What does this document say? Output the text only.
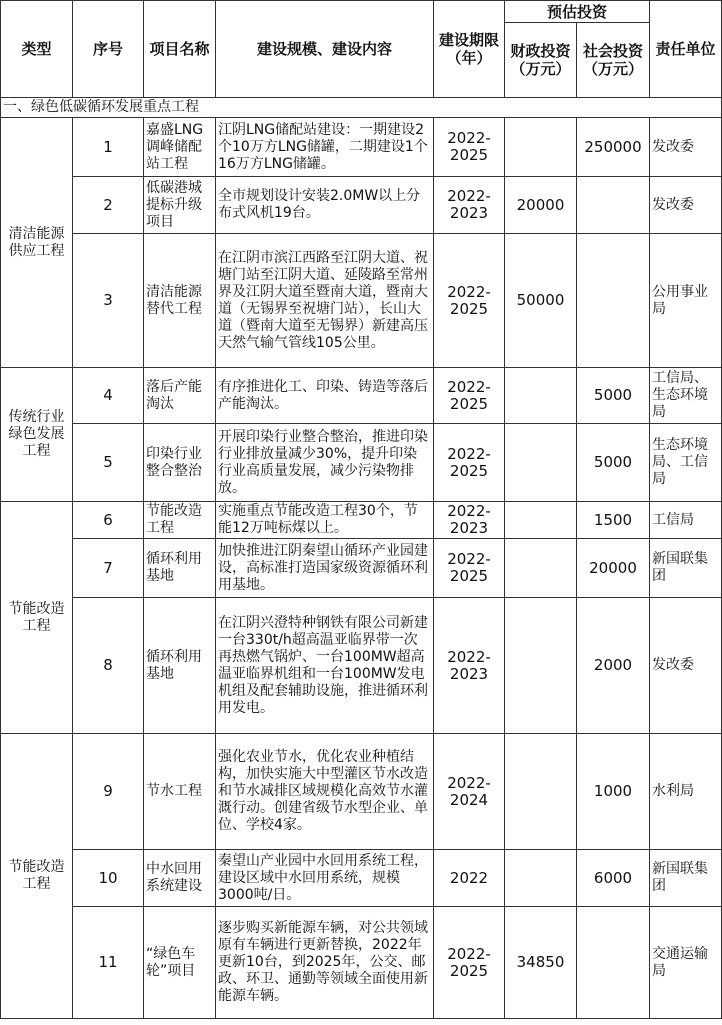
类型	序号	项目名称	建设规模、建设内容	建设期限（年）	预估投资		责任单位
					财政投资（万元）	社会投资（万元）	
一、绿色低碳循环发展重点工程							
清洁能源供应工程	1	嘉盛LNG调峰储配站工程	江阴LNG储配站建设：一期建设2个10万方LNG储罐，二期建设1个16万方LNG储罐。	2022-2025		250000	发改委
	2	低碳港城提标升级项目	全市规划设计安装2.0MW以上分布式风机19台。	2022-2023	20000		发改委
	3	清洁能源替代工程	在江阴市滨江西路至江阴大道、祝塘门站至江阴大道、延陵路至常州界及江阴大道至暨南大道，暨南大道（无锡界至祝塘门站），长山大道（暨南大道至无锡界）新建高压天然气输气管线105公里。	2022-2025	50000		公用事业局
传统行业绿色发展工程	4	落后产能淘汰	有序推进化工、印染、铸造等落后产能淘汰。	2022-2025		5000	工信局、生态环境局
	5	印染行业整合整治	开展印染行业整合整治，推进印染行业排放量减少30%，提升印染行业高质量发展，减少污染物排放。	2022-2025		5000	生态环境局、工信局
节能改造工程	6	节能改造工程	实施重点节能改造工程30个，节能12万吨标煤以上。	2022-2023		1500	工信局
	7	循环利用基地	加快推进江阴秦望山循环产业园建设，高标准打造国家级资源循环利用基地。	2022-2025		20000	新国联集团
	8	循环利用基地	在江阴兴澄特种钢铁有限公司新建一台330t/h超高温亚临界带一次再热燃气锅炉、一台100MW超高温亚临界机组和一台100MW发电机组及配套辅助设施，推进循环利用发电。	2022-2023		2000	发改委
节能改造工程	9	节水工程	强化农业节水，优化农业种植结构，加快实施大中型灌区节水改造和节水减排区域规模化高效节水灌溉行动。创建省级节水型企业、单位、学校4家。	2022-2024		1000	水利局
	10	中水回用系统建设	秦望山产业园中水回用系统工程，建设区域中水回用系统，规模3000吨/日。	2022		6000	新国联集团
	11	“绿色车轮”项目	逐步购买新能源车辆，对公共领域原有车辆进行更新替换，2022年更新10台，到2025年，公交、邮政、环卫、通勤等领域全面使用新能源车辆。	2022-2025	34850		交通运输局
